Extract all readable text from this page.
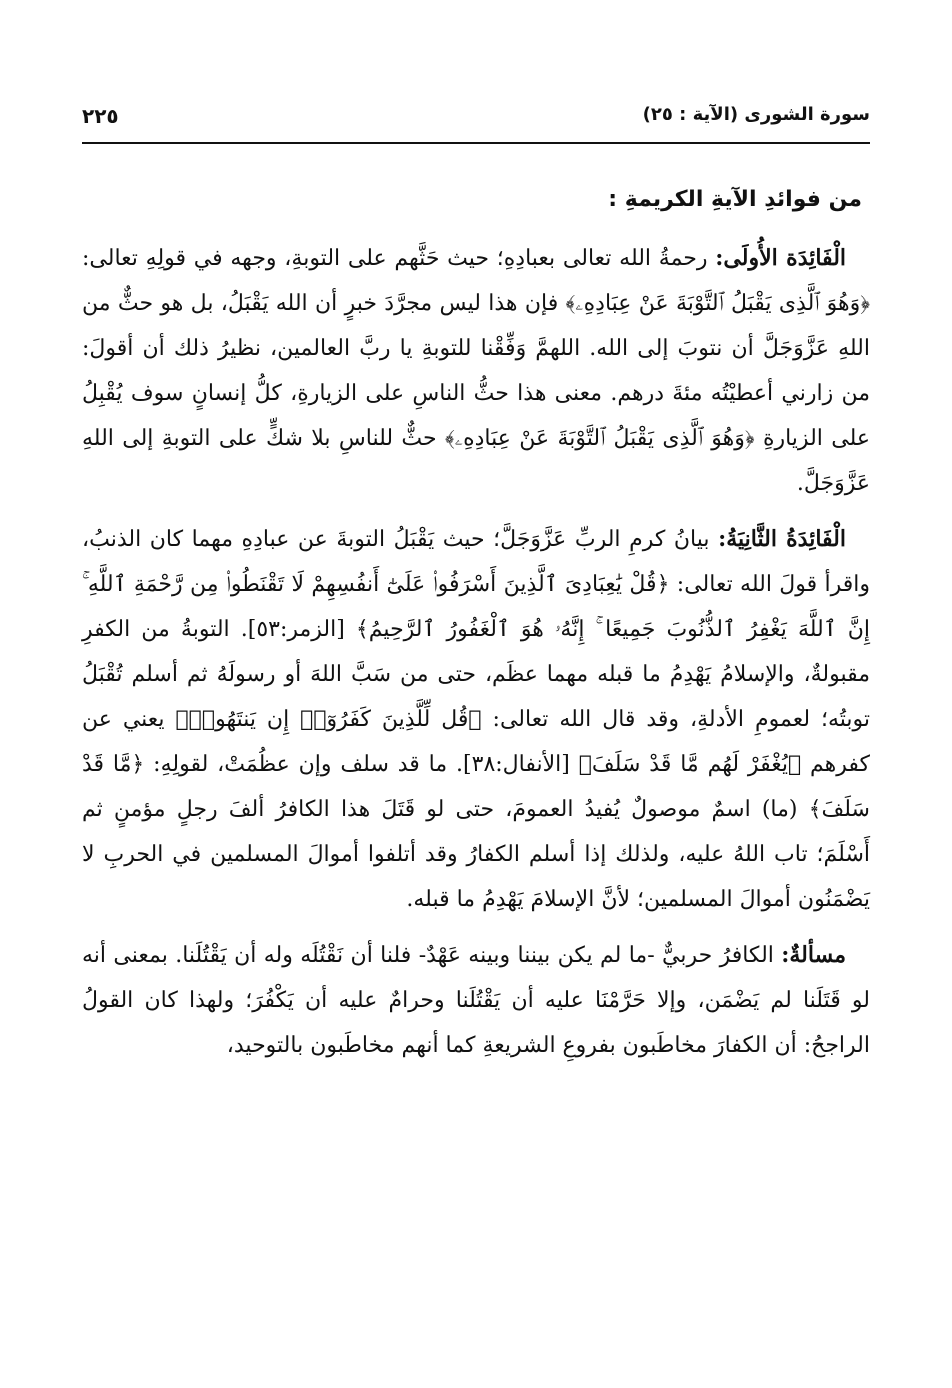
سورة الشورى (الآية : ٢٥)
٢٢٥
من فوائدِ الآيةِ الكريمةِ :

الْفَائِدَة الأُولَى: رحمةُ الله تعالى بعبادِهِ؛ حيث حَثَّهم على التوبةِ، وجهه في قولِهِ تعالى: ﴿وَهُوَ ٱلَّذِى يَقْبَلُ ٱلتَّوْبَةَ عَنْ عِبَادِهِۦ﴾ فإن هذا ليس مجرَّدَ خبرٍ أن الله يَقْبَلُ، بل هو حثٌّ من اللهِ عَزَّوَجَلَّ أن نتوبَ إلى الله. اللهمَّ وَفِّقْنا للتوبةِ يا ربَّ العالمين، نظيرُ ذلك أن أقولَ: من زارني أعطيْتُه مئةَ درهم. معنى هذا حثُّ الناسِ على الزيارةِ، كلُّ إنسانٍ سوف يُقْبِلُ على الزيارةِ ﴿وَهُوَ ٱلَّذِى يَقْبَلُ ٱلتَّوْبَةَ عَنْ عِبَادِهِۦ﴾ حثٌّ للناسِ بلا شكٍّ على التوبةِ إلى اللهِ عَزَّوَجَلَّ.

الْفَائِدَةُ الثَّانِيَةُ: بيانُ كرمِ الربِّ عَزَّوَجَلَّ؛ حيث يَقْبَلُ التوبةَ عن عبادِهِ مهما كان الذنبُ، واقرأ قولَ الله تعالى: ﴿قُلْ يَٰعِبَادِىَ ٱلَّذِينَ أَسْرَفُوا۟ عَلَىٰٓ أَنفُسِهِمْ لَا تَقْنَطُوا۟ مِن رَّحْمَةِ ٱللَّهِ ۚ إِنَّ ٱللَّهَ يَغْفِرُ ٱلذُّنُوبَ جَمِيعًا ۚ إِنَّهُۥ هُوَ ٱلْغَفُورُ ٱلرَّحِيمُ﴾ [الزمر:٥٣]. التوبةُ من الكفرِ مقبولةٌ، والإسلامُ يَهْدِمُ ما قبله مهما عظَم، حتى من سَبَّ اللهَ أو رسولَهُ ثم أسلم تُقْبَلُ توبتُه؛ لعمومِ الأدلةِ، وقد قال الله تعالى: ﴿قُل لِّلَّذِينَ كَفَرُوٓا۟ إِن يَنتَهُوا۟﴾ يعني عن كفرهم ﴿يُغْفَرْ لَهُم مَّا قَدْ سَلَفَ﴾ [الأنفال:٣٨]. ما قد سلف وإن عظُمَتْ، لقولِهِ: ﴿مَّا قَدْ سَلَفَ﴾ (ما) اسمٌ موصولٌ يُفيدُ العمومَ، حتى لو قَتَلَ هذا الكافرُ ألفَ رجلٍ مؤمنٍ ثم أَسْلَمَ؛ تاب اللهُ عليه، ولذلك إذا أسلم الكفارُ وقد أتلفوا أموالَ المسلمين في الحربِ لا يَضْمَنُون أموالَ المسلمين؛ لأنَّ الإسلامَ يَهْدِمُ ما قبله.

مسألةٌ: الكافرُ حربيٌّ -ما لم يكن بيننا وبينه عَهْدٌ- فلنا أن نَقْتُلَه وله أن يَقْتُلَنا. بمعنى أنه لو قَتَلَنا لم يَضْمَن، وإلا حَرَّمْنَا عليه أن يَقْتُلَنا وحرامٌ عليه أن يَكْفُرَ؛ ولهذا كان القولُ الراجحُ: أن الكفارَ مخاطَبون بفروعِ الشريعةِ كما أنهم مخاطَبون بالتوحيد،
